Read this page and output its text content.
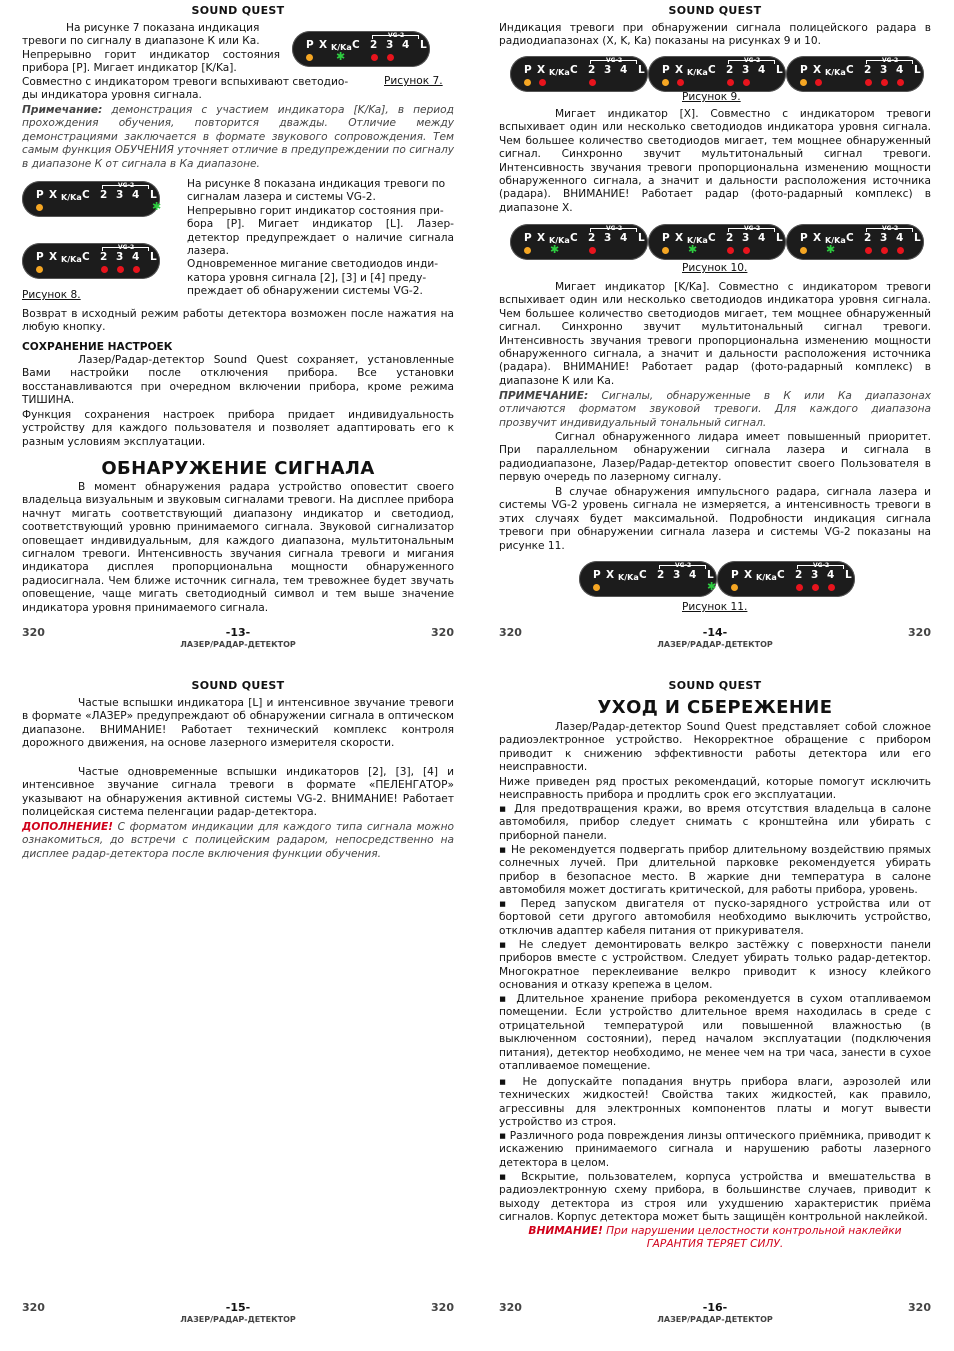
SOUND QUEST
На рисунке 7 показана индикация
тревоги по сигналу в диапазоне К или Ка.
Непрерывно горит индикатор состояния
прибора [P]. Мигает индикатор [K/Ka].
Совместно с индикатором тревоги вспыхивают светодио-
ды индикатора уровня сигнала.
P X K/Ka C
VG-2
2 3 4 L
✱
Рисунок 7.
Примечание: демонстрация с участием индикатора [K/Ka], в период прохождения обучения, повторится дважды. Отличие между демонстрациями заключается в формате звукового сопровождения. Тем самым функция ОБУЧЕНИЯ уточняет отличие в предупреждении по сигналу в диапазоне К от сигнала в Ка диапазоне.
P X K/Ka C
VG-2
2 3 4 L
✱
P X K/Ka C
VG-2
2 3 4 L
Рисунок 8.
На рисунке 8 показана индикация тревоги по
сигналам лазера и системы VG-2.
Непрерывно горит индикатор состояния при-
бора [P]. Мигает индикатор [L]. Лазер-
детектор предупреждает о наличие сигнала
лазера.
Одновременное мигание светодиодов инди-
катора уровня сигнала [2], [3] и [4] преду-
преждает об обнаружении системы VG-2.
Возврат в исходный режим работы детектора возможен после нажатия на любую кнопку.
СОХРАНЕНИЕ НАСТРОЕК
Лазер/Радар-детектор Sound Quest сохраняет, установленные Вами настройки после отключения прибора. Все установки восстанавливаются при очередном включении прибора, кроме режима ТИШИНА.
Функция сохранения настроек прибора придает индивидуальность устройству для каждого пользователя и позволяет адаптировать его к разным условиям эксплуатации.
ОБНАРУЖЕНИЕ СИГНАЛА
В момент обнаружения радара устройство оповестит своего владельца визуальным и звуковым сигналами тревоги. На дисплее прибора начнут мигать соответствующий диапазону индикатор и светодиод, соответствующий уровню принимаемого сигнала. Звуковой сигнализатор оповещает индивидуальным, для каждого диапазона, мультитональным сигналом тревоги. Интенсивность звучания сигнала тревоги и мигания индикатора дисплея пропорциональна мощности обнаруженного радиосигнала. Чем ближе источник сигнала, тем тревожнее будет звучать оповещение, чаще мигать светодиодный символ и тем выше значение индикатора уровня принимаемого сигнала.
320	-13-	320
ЛАЗЕР/РАДАР-ДЕТЕКТОР
SOUND QUEST
Индикация тревоги при обнаружении сигнала полицейского радара в радиодиапазонах (X, K, Ka) показаны на рисунках 9 и 10.
P X K/Ka C
VG-2
2 3 4 L P X K/Ka C
VG-2
2 3 4 L P X K/Ka C
VG-2
2 3 4 L
Рисунок 9.
Мигает индикатор [X]. Совместно с индикатором тревоги вспыхивает один или несколько светодиодов индикатора уровня сигнала. Чем большее количество светодиодов мигает, тем мощнее обнаруженный сигнал. Синхронно звучит мультитональный сигнал тревоги. Интенсивность звучания тревоги пропорциональна изменению мощности обнаруженного сигнала, а значит и дальности расположения источника (радара). ВНИМАНИЕ! Работает радар (фото-радарный комплекс) в диапазоне Х.
P X K/Ka C
VG-2
2 3 4 L
✱
P X K/Ka C
VG-2
2 3 4 L
✱
P X K/Ka C
VG-2
2 3 4 L
✱
Рисунок 10.
Мигает индикатор [K/Ka]. Совместно с индикатором тревоги вспыхивает один или несколько светодиодов индикатора уровня сигнала. Чем большее количество светодиодов мигает, тем мощнее обнаруженный сигнал. Синхронно звучит мультитональный сигнал тревоги. Интенсивность звучания тревоги пропорциональна изменению мощности обнаруженного сигнала, а значит и дальности расположения источника (радара). ВНИМАНИЕ! Работает радар (фото-радарный комплекс) в диапазоне К или Ка.
ПРИМЕЧАНИЕ: Сигналы, обнаруженные в К или Ка диапазонах отличаются форматом звуковой тревоги. Для каждого диапазона прозвучит индивидуальный тональный сигнал.
Сигнал обнаруженного лидара имеет повышенный приоритет. При параллельном обнаружении сигнала лазера и сигнала в радиодиапазоне, Лазер/Радар-детектор оповестит своего Пользователя в первую очередь по лазерному сигналу.
В случае обнаружения импульсного радара, сигнала лазера и системы VG-2 уровень сигнала не измеряется, а интенсивность тревоги в этих случаях будет максимальной. Подробности индикация сигнала тревоги при обнаружении сигнала лазера и системы VG-2 показаны на рисунке 11.
P X K/Ka C
VG-2
2 3 4 L
✱
P X K/Ka C
VG-2
2 3 4 L
Рисунок 11.
320	-14-	320
ЛАЗЕР/РАДАР-ДЕТЕКТОР
SOUND QUEST
Частые вспышки индикатора [L] и интенсивное звучание тревоги в формате «ЛАЗЕР» предупреждают об обнаружении сигнала в оптическом диапазоне. ВНИМАНИЕ! Работает технический комплекс контроля дорожного движения, на основе лазерного измерителя скорости.
Частые одновременные вспышки индикаторов [2], [3], [4] и интенсивное звучание сигнала тревоги в формате «ПЕЛЕНГАТОР» указывают на обнаружения активной системы VG-2. ВНИМАНИЕ! Работает полицейская система пеленгации радар-детектора.
ДОПОЛНЕНИЕ! С форматом индикации для каждого типа сигнала можно ознакомиться, до встречи с полицейским радаром, непосредственно на дисплее радар-детектора после включения функции обучения.
320	-15-	320
ЛАЗЕР/РАДАР-ДЕТЕКТОР
SOUND QUEST
УХОД И СБЕРЕЖЕНИЕ
Лазер/Радар-детектор Sound Quest представляет собой сложное радиоэлектронное устройство. Некорректное обращение с прибором приводит к снижению эффективности работы детектора или его неисправности.
Ниже приведен ряд простых рекомендаций, которые помогут исключить неисправность прибора и продлить срок его эксплуатации.
▪ Для предотвращения кражи, во время отсутствия владельца в салоне автомобиля, прибор следует снимать с кронштейна или убирать с приборной панели.
▪ Не рекомендуется подвергать прибор длительному воздействию прямых солнечных лучей. При длительной парковке рекомендуется убирать прибор в безопасное место. В жаркие дни температура в салоне автомобиля может достигать критической, для работы прибора, уровень.
▪ Перед запуском двигателя от пуско-зарядного устройства или от бортовой сети другого автомобиля необходимо выключить устройство, отключив адаптер кабеля питания от прикуривателя.
▪ Не следует демонтировать велкро застёжку с поверхности панели приборов вместе с устройством. Следует убирать только радар-детектор. Многократное переклеивание велкро приводит к износу клейкого основания и отказу крепежа в целом.
▪ Длительное хранение прибора рекомендуется в сухом отапливаемом помещении. Если устройство длительное время находилась в среде с отрицательной температурой или повышенной влажностью (в выключенном состоянии), перед началом эксплуатации (подключения питания), детектор необходимо, не менее чем на три часа, занести в сухое отапливаемое помещение.
▪ Не допускайте попадания внутрь прибора влаги, аэрозолей или технических жидкостей! Свойства таких жидкостей, как правило, агрессивны для электронных компонентов платы и могут вывести устройство из строя.
▪ Различного рода повреждения линзы оптического приёмника, приводит к искажению принимаемого сигнала и нарушению работы лазерного детектора в целом.
▪ Вскрытие, пользователем, корпуса устройства и вмешательства в радиоэлектронную схему прибора, в большинстве случаев, приводит к выходу детектора из строя или ухудшению характеристик приёма сигналов. Корпус детектора может быть защищён контрольной наклейкой.
ВНИМАНИЕ! При нарушении целостности контрольной наклейки
ГАРАНТИЯ ТЕРЯЕТ СИЛУ.
320	-16-	320
ЛАЗЕР/РАДАР-ДЕТЕКТОР
